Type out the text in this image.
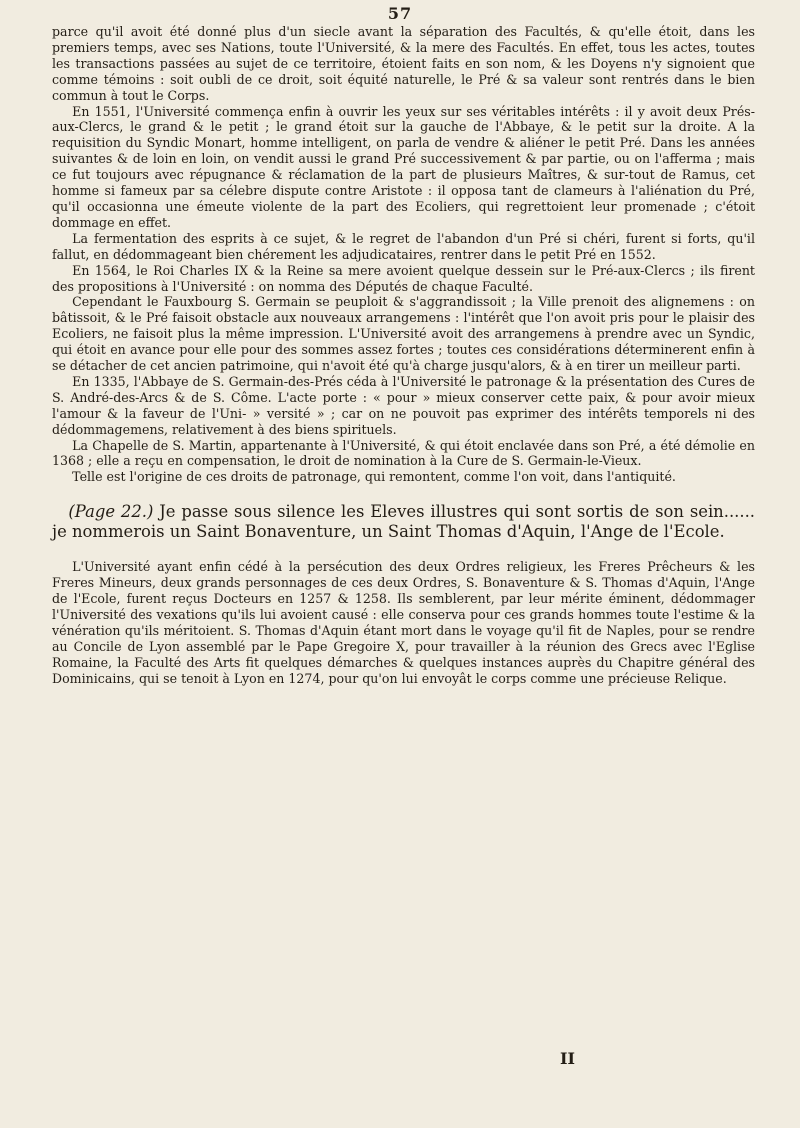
57

parce qu'il avoit été donné plus d'un siecle avant la séparation des Facultés, & qu'elle étoit, dans les premiers temps, avec ses Nations, toute l'Université, & la mere des Facultés. En effet, tous les actes, toutes les transactions passées au sujet de ce territoire, étoient faits en son nom, & les Doyens n'y signoient que comme témoins : soit oubli de ce droit, soit équité naturelle, le Pré & sa valeur sont rentrés dans le bien commun à tout le Corps.

En 1551, l'Université commença enfin à ouvrir les yeux sur ses véritables intérêts : il y avoit deux Prés-aux-Clercs, le grand & le petit ; le grand étoit sur la gauche de l'Abbaye, & le petit sur la droite. A la requisition du Syndic Monart, homme intelligent, on parla de vendre & aliéner le petit Pré. Dans les années suivantes & de loin en loin, on vendit aussi le grand Pré successivement & par partie, ou on l'afferma ; mais ce fut toujours avec répugnance & réclamation de la part de plusieurs Maîtres, & sur-tout de Ramus, cet homme si fameux par sa célebre dispute contre Aristote : il opposa tant de clameurs à l'aliénation du Pré, qu'il occasionna une émeute violente de la part des Ecoliers, qui regrettoient leur promenade ; c'étoit dommage en effet.

La fermentation des esprits à ce sujet, & le regret de l'abandon d'un Pré si chéri, furent si forts, qu'il fallut, en dédommageant bien chérement les adjudicataires, rentrer dans le petit Pré en 1552.

En 1564, le Roi Charles IX & la Reine sa mere avoient quelque dessein sur le Pré-aux-Clercs ; ils firent des propositions à l'Université : on nomma des Députés de chaque Faculté.

Cependant le Fauxbourg S. Germain se peuploit & s'aggrandissoit ; la Ville prenoit des alignemens : on bâtissoit, & le Pré faisoit obstacle aux nouveaux arrangemens : l'intérêt que l'on avoit pris pour le plaisir des Ecoliers, ne faisoit plus la même impression. L'Université avoit des arrangemens à prendre avec un Syndic, qui étoit en avance pour elle pour des sommes assez fortes ; toutes ces considérations déterminerent enfin à se détacher de cet ancien patrimoine, qui n'avoit été qu'à charge jusqu'alors, & à en tirer un meilleur parti.

En 1335, l'Abbaye de S. Germain-des-Prés céda à l'Université le patronage & la présentation des Cures de S. André-des-Arcs & de S. Côme. L'acte porte : « pour » mieux conserver cette paix, & pour avoir mieux l'amour & la faveur de l'Uni- » versité » ; car on ne pouvoit pas exprimer des intérêts temporels ni des dédommagemens, relativement à des biens spirituels.

La Chapelle de S. Martin, appartenante à l'Université, & qui étoit enclavée dans son Pré, a été démolie en 1368 ; elle a reçu en compensation, le droit de nomination à la Cure de S. Germain-le-Vieux.

Telle est l'origine de ces droits de patronage, qui remontent, comme l'on voit, dans l'antiquité.

(Page 22.) Je passe sous silence les Eleves illustres qui sont sortis de son sein...... je nommerois un Saint Bonaventure, un Saint Thomas d'Aquin, l'Ange de l'Ecole.

L'Université ayant enfin cédé à la persécution des deux Ordres religieux, les Freres Prêcheurs & les Freres Mineurs, deux grands personnages de ces deux Ordres, S. Bonaventure & S. Thomas d'Aquin, l'Ange de l'Ecole, furent reçus Docteurs en 1257 & 1258. Ils semblerent, par leur mérite éminent, dédommager l'Université des vexations qu'ils lui avoient causé : elle conserva pour ces grands hommes toute l'estime & la vénération qu'ils méritoient. S. Thomas d'Aquin étant mort dans le voyage qu'il fit de Naples, pour se rendre au Concile de Lyon assemblé par le Pape Gregoire X, pour travailler à la réunion des Grecs avec l'Eglise Romaine, la Faculté des Arts fit quelques démarches & quelques instances auprès du Chapitre général des Dominicains, qui se tenoit à Lyon en 1274, pour qu'on lui envoyât le corps comme une précieuse Relique.

II
